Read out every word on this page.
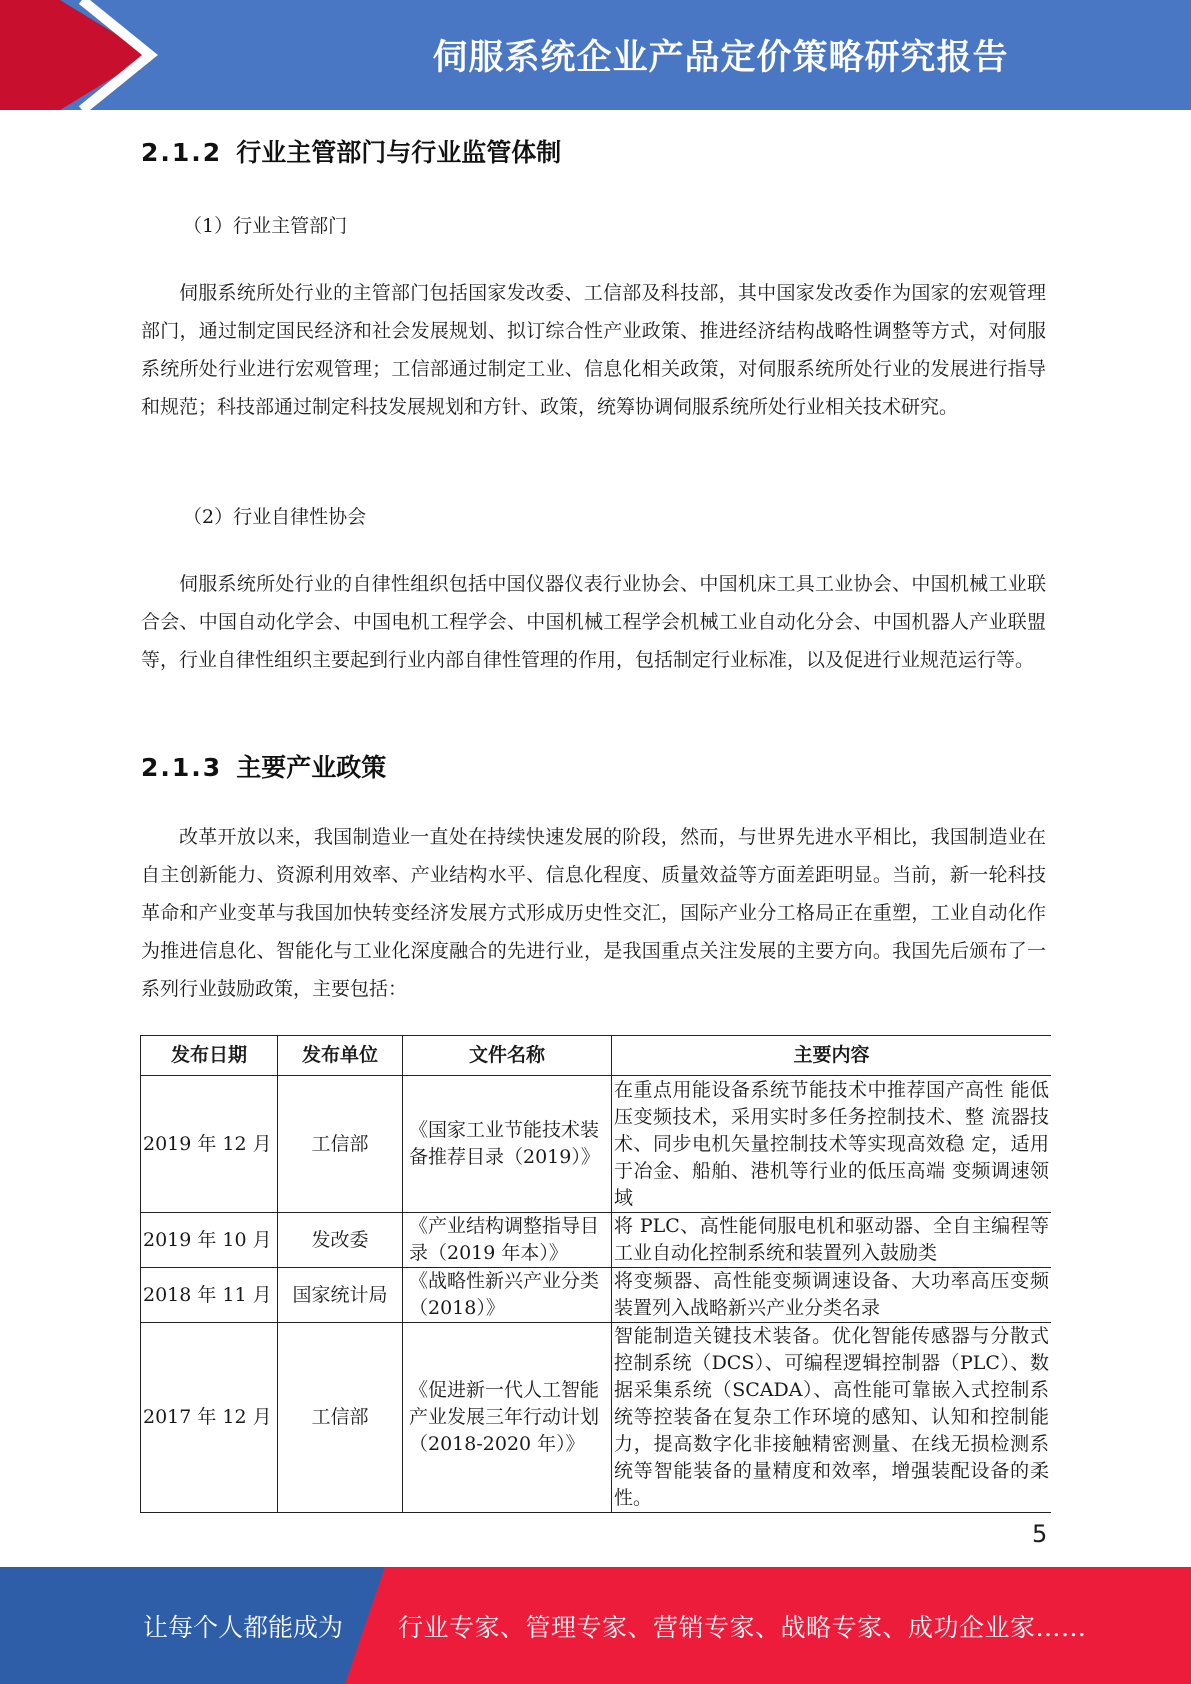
伺服系统企业产品定价策略研究报告
2.1.2 行业主管部门与行业监管体制
（1）行业主管部门

伺服系统所处行业的主管部门包括国家发改委、工信部及科技部，其中国家发改委作为国家的宏观管理部门，通过制定国民经济和社会发展规划、拟订综合性产业政策、推进经济结构战略性调整等方式，对伺服系统所处行业进行宏观管理；工信部通过制定工业、信息化相关政策，对伺服系统所处行业的发展进行指导和规范；科技部通过制定科技发展规划和方针、政策，统筹协调伺服系统所处行业相关技术研究。

（2）行业自律性协会

伺服系统所处行业的自律性组织包括中国仪器仪表行业协会、中国机床工具工业协会、中国机械工业联合会、中国自动化学会、中国电机工程学会、中国机械工程学会机械工业自动化分会、中国机器人产业联盟等，行业自律性组织主要起到行业内部自律性管理的作用，包括制定行业标准，以及促进行业规范运行等。

2.1.3 主要产业政策

改革开放以来，我国制造业一直处在持续快速发展的阶段，然而，与世界先进水平相比，我国制造业在自主创新能力、资源利用效率、产业结构水平、信息化程度、质量效益等方面差距明显。当前，新一轮科技革命和产业变革与我国加快转变经济发展方式形成历史性交汇，国际产业分工格局正在重塑，工业自动化作为推进信息化、智能化与工业化深度融合的先进行业，是我国重点关注发展的主要方向。我国先后颁布了一系列行业鼓励政策，主要包括：

发布日期	发布单位	文件名称	主要内容
2019 年 12 月	工信部	《国家工业节能技术装备推荐目录（2019）》	在重点用能设备系统节能技术中推荐国产高性 能低压变频技术，采用实时多任务控制技术、整 流器技术、同步电机矢量控制技术等实现高效稳 定，适用于冶金、船舶、港机等行业的低压高端 变频调速领域
2019 年 10 月	发改委	《产业结构调整指导目录（2019 年本）》	将 PLC、高性能伺服电机和驱动器、全自主编程等工业自动化控制系统和装置列入鼓励类
2018 年 11 月	国家统计局	《战略性新兴产业分类（2018）》	将变频器、高性能变频调速设备、大功率高压变频装置列入战略新兴产业分类名录
2017 年 12 月	工信部	《促进新一代人工智能产业发展三年行动计划（2018-2020 年）》	智能制造关键技术装备。优化智能传感器与分散式控制系统（DCS）、可编程逻辑控制器（PLC）、数据采集系统（SCADA）、高性能可靠嵌入式控制系统等控装备在复杂工作环境的感知、认知和控制能力，提高数字化非接触精密测量、在线无损检测系统等智能装备的量精度和效率，增强装配设备的柔性。
5
让每个人都能成为 行业专家、管理专家、营销专家、战略专家、成功企业家……
